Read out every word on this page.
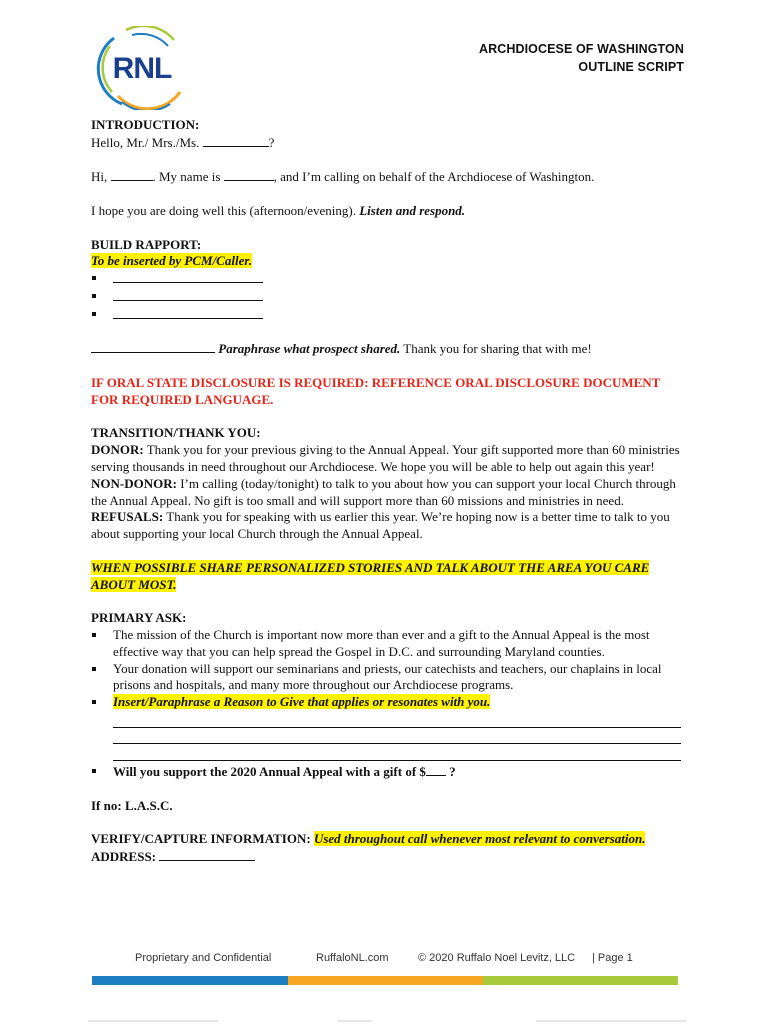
RNL
ARCHDIOCESE OF WASHINGTON
OUTLINE SCRIPT

INTRODUCTION:

Hello, Mr./ Mrs./Ms.	?

Hi,	. My name is	, and I’m calling on behalf of the Archdiocese of Washington.

I hope you are doing well this (afternoon/evening). Listen and respond.

BUILD RAPPORT:

To be inserted by PCM/Caller.

Paraphrase what prospect shared. Thank you for sharing that with me!

IF ORAL STATE DISCLOSURE IS REQUIRED: REFERENCE ORAL DISCLOSURE DOCUMENT FOR REQUIRED LANGUAGE.

TRANSITION/THANK YOU:

DONOR: Thank you for your previous giving to the Annual Appeal. Your gift supported more than 60 ministries serving thousands in need throughout our Archdiocese. We hope you will be able to help out again this year!

NON-DONOR: I’m calling (today/tonight) to talk to you about how you can support your local Church through the Annual Appeal. No gift is too small and will support more than 60 missions and ministries in need.

REFUSALS: Thank you for speaking with us earlier this year. We’re hoping now is a better time to talk to you about supporting your local Church through the Annual Appeal.

WHEN POSSIBLE SHARE PERSONALIZED STORIES AND TALK ABOUT THE AREA YOU CARE ABOUT MOST.

PRIMARY ASK:

The mission of the Church is important now more than ever and a gift to the Annual Appeal is the most effective way that you can help spread the Gospel in D.C. and surrounding Maryland counties.
Your donation will support our seminarians and priests, our catechists and teachers, our chaplains in local prisons and hospitals, and many more throughout our Archdiocese programs.
Insert/Paraphrase a Reason to Give that applies or resonates with you.
Will you support the 2020 Annual Appeal with a gift of $ ?

If no: L.A.S.C.

VERIFY/CAPTURE INFORMATION: Used throughout call whenever most relevant to conversation.

ADDRESS:

Proprietary and Confidential	RuffaloNL.com	© 2020 Ruffalo Noel Levitz, LLC | Page 1
